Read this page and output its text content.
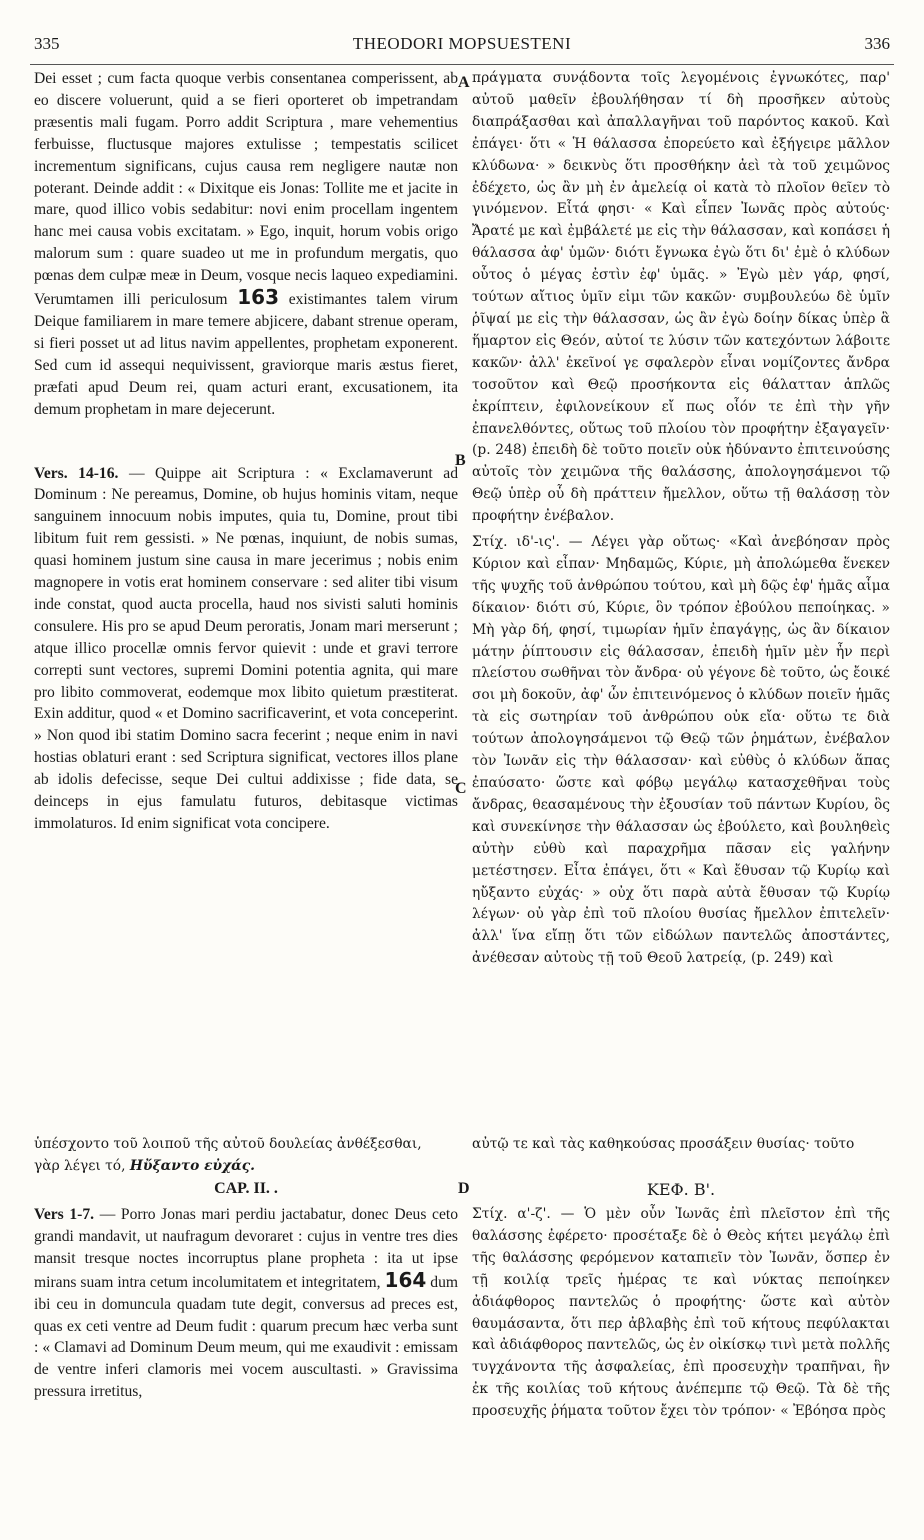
335	THEODORI MOPSUESTENI	336
A
B
C
D

Dei esset ; cum facta quoque verbis consentanea comperissent, ab eo discere voluerunt, quid a se fieri oporteret ob impetrandam præsentis mali fugam. Porro addit Scriptura , mare vehementius ferbuisse, fluctusque majores extulisse ; tempestatis scilicet incrementum significans, cujus causa rem negligere nautæ non poterant. Deinde addit : « Dixitque eis Jonas: Tollite me et jacite in mare, quod illico vobis sedabitur: novi enim procellam ingentem hanc mei causa vobis excitatam. » Ego, inquit, horum vobis origo malorum sum : quare suadeo ut me in profundum mergatis, quo pœnas dem culpæ meæ in Deum, vosque necis laqueo expediamini. Verumtamen illi periculosum 163 existimantes talem virum Deique familiarem in mare temere abjicere, dabant strenue operam, si fieri posset ut ad litus navim appellentes, prophetam exponerent. Sed cum id assequi nequivissent, graviorque maris æstus fieret, præfati apud Deum rei, quam acturi erant, excusationem, ita demum prophetam in mare dejecerunt.

Vers. 14-16. — Quippe ait Scriptura : « Exclamaverunt ad Dominum : Ne pereamus, Domine, ob hujus hominis vitam, neque sanguinem innocuum nobis imputes, quia tu, Domine, prout tibi libitum fuit rem gessisti. » Ne pœnas, inquiunt, de nobis sumas, quasi hominem justum sine causa in mare jecerimus ; nobis enim magnopere in votis erat hominem conservare : sed aliter tibi visum inde constat, quod aucta procella, haud nos sivisti saluti hominis consulere. His pro se apud Deum peroratis, Jonam mari merserunt ; atque illico procellæ omnis fervor quievit : unde et gravi terrore correpti sunt vectores, supremi Domini potentia agnita, qui mare pro libito commoverat, eodemque mox libito quietum præstiterat. Exin additur, quod « et Domino sacrificaverint, et vota conceperint. » Non quod ibi statim Domino sacra fecerint ; neque enim in navi hostias oblaturi erant : sed Scriptura significat, vectores illos plane ab idolis defecisse, seque Dei cultui addixisse ; fide data, se deinceps in ejus famulatu futuros, debitasque victimas immolaturos. Id enim significat vota concipere.

πράγματα συνᾴδοντα τοῖς λεγομένοις ἐγνωκότες, παρ' αὐτοῦ μαθεῖν ἐβουλήθησαν τί δὴ προσῆκεν αὐτοὺς διαπράξασθαι καὶ ἀπαλλαγῆναι τοῦ παρόντος κακοῦ. Καὶ ἐπάγει· ὅτι « Ἡ θάλασσα ἐπορεύετο καὶ ἐξήγειρε μᾶλλον κλύδωνα· » δεικνὺς ὅτι προσθήκην ἀεὶ τὰ τοῦ χειμῶνος ἐδέχετο, ὡς ἂν μὴ ἐν ἀμελείᾳ οἱ κατὰ τὸ πλοῖον θεῖεν τὸ γινόμενον. Εἶτά φησι· « Καὶ εἶπεν Ἰωνᾶς πρὸς αὐτούς· Ἄρατέ με καὶ ἐμβάλετέ με εἰς τὴν θάλασσαν, καὶ κοπάσει ἡ θάλασσα ἀφ' ὑμῶν· διότι ἔγνωκα ἐγὼ ὅτι δι' ἐμὲ ὁ κλύδων οὗτος ὁ μέγας ἐστὶν ἐφ' ὑμᾶς. » Ἐγὼ μὲν γάρ, φησί, τούτων αἴτιος ὑμῖν εἰμι τῶν κακῶν· συμβουλεύω δὲ ὑμῖν ῥῖψαί με εἰς τὴν θάλασσαν, ὡς ἂν ἐγὼ δοίην δίκας ὑπὲρ ἃ ἥμαρτον εἰς Θεόν, αὐτοί τε λύσιν τῶν κατεχόντων λάβοιτε κακῶν· ἀλλ' ἐκεῖνοί γε σφαλερὸν εἶναι νομίζοντες ἄνδρα τοσοῦτον καὶ Θεῷ προσήκοντα εἰς θάλατταν ἁπλῶς ἐκρίπτειν, ἐφιλονείκουν εἴ πως οἷόν τε ἐπὶ τὴν γῆν ἐπανελθόντες, οὕτως τοῦ πλοίου τὸν προφήτην ἐξαγαγεῖν· (p. 248) ἐπειδὴ δὲ τοῦτο ποιεῖν οὐκ ἠδύναντο ἐπιτεινούσης αὐτοῖς τὸν χειμῶνα τῆς θαλάσσης, ἀπολογησάμενοι τῷ Θεῷ ὑπὲρ οὗ δὴ πράττειν ἤμελλον, οὕτω τῇ θαλάσσῃ τὸν προφήτην ἐνέβαλον.

Στίχ. ιδ'-ις'. — Λέγει γὰρ οὕτως· «Καὶ ἀνεβόησαν πρὸς Κύριον καὶ εἶπαν· Μηδαμῶς, Κύριε, μὴ ἀπολώμεθα ἕνεκεν τῆς ψυχῆς τοῦ ἀνθρώπου τούτου, καὶ μὴ δῷς ἐφ' ἡμᾶς αἷμα δίκαιον· διότι σύ, Κύριε, ὃν τρόπον ἐβούλου πεποίηκας. » Μὴ γὰρ δή, φησί, τιμωρίαν ἡμῖν ἐπαγάγῃς, ὡς ἂν δίκαιον μάτην ῥίπτουσιν εἰς θάλασσαν, ἐπειδὴ ἡμῖν μὲν ἦν περὶ πλείστου σωθῆναι τὸν ἄνδρα· οὐ γέγονε δὲ τοῦτο, ὡς ἔοικέ σοι μὴ δοκοῦν, ἀφ' ὧν ἐπιτεινόμενος ὁ κλύδων ποιεῖν ἡμᾶς τὰ εἰς σωτηρίαν τοῦ ἀνθρώπου οὐκ εἴα· οὕτω τε διὰ τούτων ἀπολογησάμενοι τῷ Θεῷ τῶν ῥημάτων, ἐνέβαλον τὸν Ἰωνᾶν εἰς τὴν θάλασσαν· καὶ εὐθὺς ὁ κλύδων ἅπας ἐπαύσατο· ὥστε καὶ φόβῳ μεγάλῳ κατασχεθῆναι τοὺς ἄνδρας, θεασαμένους τὴν ἐξουσίαν τοῦ πάντων Κυρίου, ὃς καὶ συνεκίνησε τὴν θάλασσαν ὡς ἐβούλετο, καὶ βουληθεὶς αὐτὴν εὐθὺ καὶ παραχρῆμα πᾶσαν εἰς γαλήνην μετέστησεν. Εἶτα ἐπάγει, ὅτι « Καὶ ἔθυσαν τῷ Κυρίῳ καὶ ηὔξαντο εὐχάς· » οὐχ ὅτι παρὰ αὐτὰ ἔθυσαν τῷ Κυρίῳ λέγων· οὐ γὰρ ἐπὶ τοῦ πλοίου θυσίας ἤμελλον ἐπιτελεῖν· ἀλλ' ἵνα εἴπῃ ὅτι τῶν εἰδώλων παντελῶς ἀποστάντες, ἀνέθεσαν αὐτοὺς τῇ τοῦ Θεοῦ λατρείᾳ, (p. 249) καὶ

ὑπέσχοντο τοῦ λοιποῦ τῆς αὐτοῦ δουλείας ἀνθέξεσθαι,	αὐτῷ τε καὶ τὰς καθηκούσας προσάξειν θυσίας· τοῦτο
γὰρ λέγει τό, Ηὔξαντο εὐχάς.
CAP. II. .	ΚΕΦ. Β'.

Vers 1-7. — Porro Jonas mari perdiu jactabatur, donec Deus ceto grandi mandavit, ut naufragum devoraret : cujus in ventre tres dies mansit tresque noctes incorruptus plane propheta : ita ut ipse mirans suam intra cetum incolumitatem et integritatem, 164 dum ibi ceu in domuncula quadam tute degit, conversus ad preces est, quas ex ceti ventre ad Deum fudit : quarum precum hæc verba sunt : « Clamavi ad Dominum Deum meum, qui me exaudivit : emissam de ventre inferi clamoris mei vocem auscultasti. » Gravissima pressura irretitus,

Στίχ. α'-ζ'. — Ὁ μὲν οὖν Ἰωνᾶς ἐπὶ πλεῖστον ἐπὶ τῆς θαλάσσης ἐφέρετο· προσέταξε δὲ ὁ Θεὸς κήτει μεγάλῳ ἐπὶ τῆς θαλάσσης φερόμενον καταπιεῖν τὸν Ἰωνᾶν, ὅσπερ ἐν τῇ κοιλίᾳ τρεῖς ἡμέρας τε καὶ νύκτας πεποίηκεν ἀδιάφθορος παντελῶς ὁ προφήτης· ὥστε καὶ αὐτὸν θαυμάσαντα, ὅτι περ ἀβλαβὴς ἐπὶ τοῦ κήτους πεφύλακται καὶ ἀδιάφθορος παντελῶς, ὡς ἐν οἰκίσκῳ τινὶ μετὰ πολλῆς τυγχάνοντα τῆς ἀσφαλείας, ἐπὶ προσευχὴν τραπῆναι, ἣν ἐκ τῆς κοιλίας τοῦ κήτους ἀνέπεμπε τῷ Θεῷ. Τὰ δὲ τῆς προσευχῆς ῥήματα τοῦτον ἔχει τὸν τρόπον· « Ἐβόησα πρὸς
